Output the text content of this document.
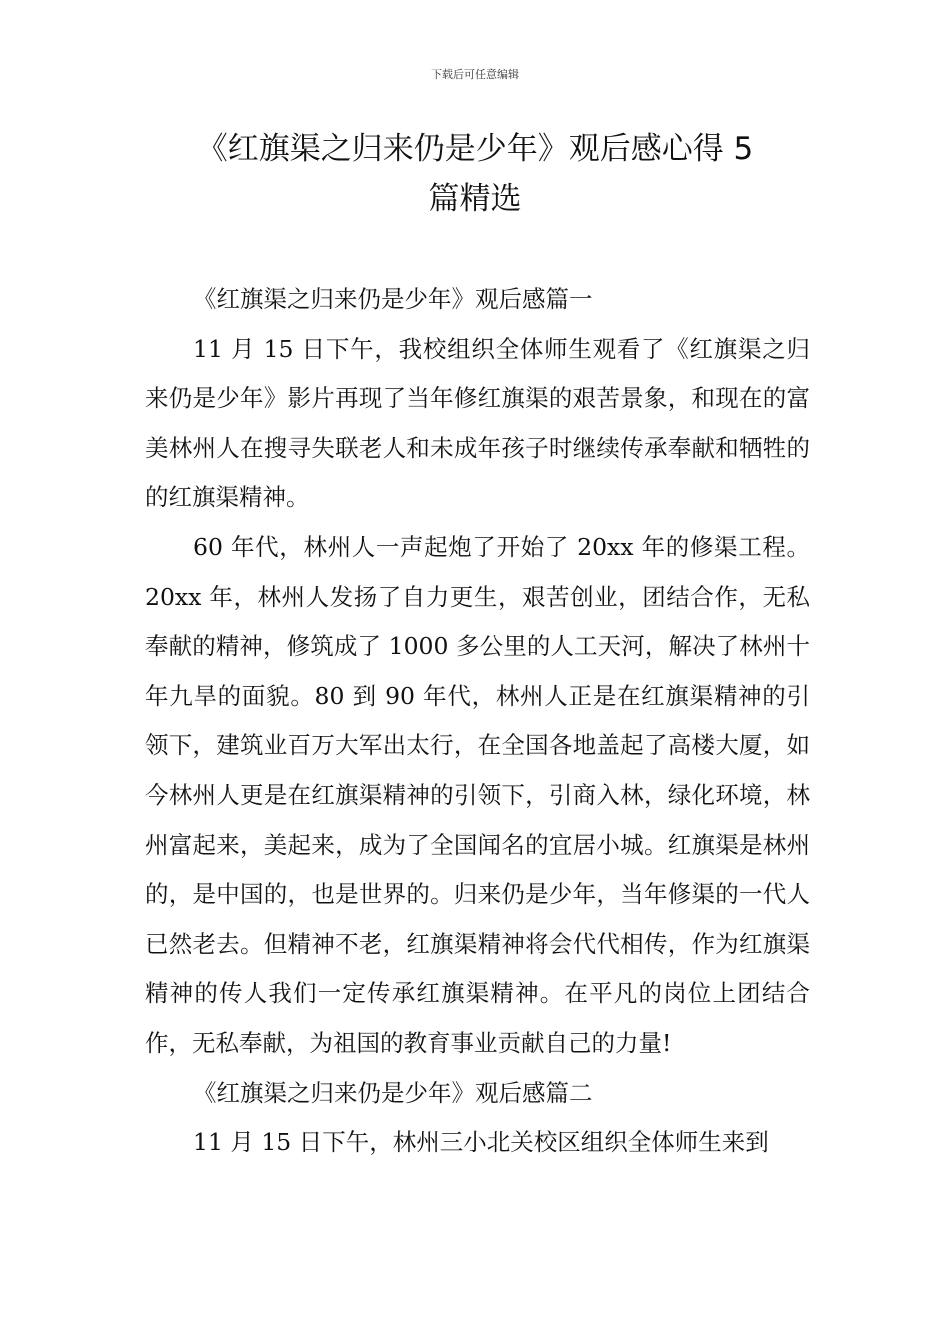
下载后可任意编辑
《红旗渠之归来仍是少年》观后感心得 5
篇精选

《红旗渠之归来仍是少年》观后感篇一

11 月 15 日下午，我校组织全体师生观看了《红旗渠之归来仍是少年》影片再现了当年修红旗渠的艰苦景象，和现在的富美林州人在搜寻失联老人和未成年孩子时继续传承奉献和牺牲的的红旗渠精神。

60 年代，林州人一声起炮了开始了 20xx 年的修渠工程。20xx 年，林州人发扬了自力更生，艰苦创业，团结合作，无私奉献的精神，修筑成了 1000 多公里的人工天河，解决了林州十年九旱的面貌。80 到 90 年代，林州人正是在红旗渠精神的引领下，建筑业百万大军出太行，在全国各地盖起了高楼大厦，如今林州人更是在红旗渠精神的引领下，引商入林，绿化环境，林州富起来，美起来，成为了全国闻名的宜居小城。红旗渠是林州的，是中国的，也是世界的。归来仍是少年，当年修渠的一代人已然老去。但精神不老，红旗渠精神将会代代相传，作为红旗渠精神的传人我们一定传承红旗渠精神。在平凡的岗位上团结合作，无私奉献，为祖国的教育事业贡献自己的力量!

《红旗渠之归来仍是少年》观后感篇二

11 月 15 日下午，林州三小北关校区组织全体师生来到
